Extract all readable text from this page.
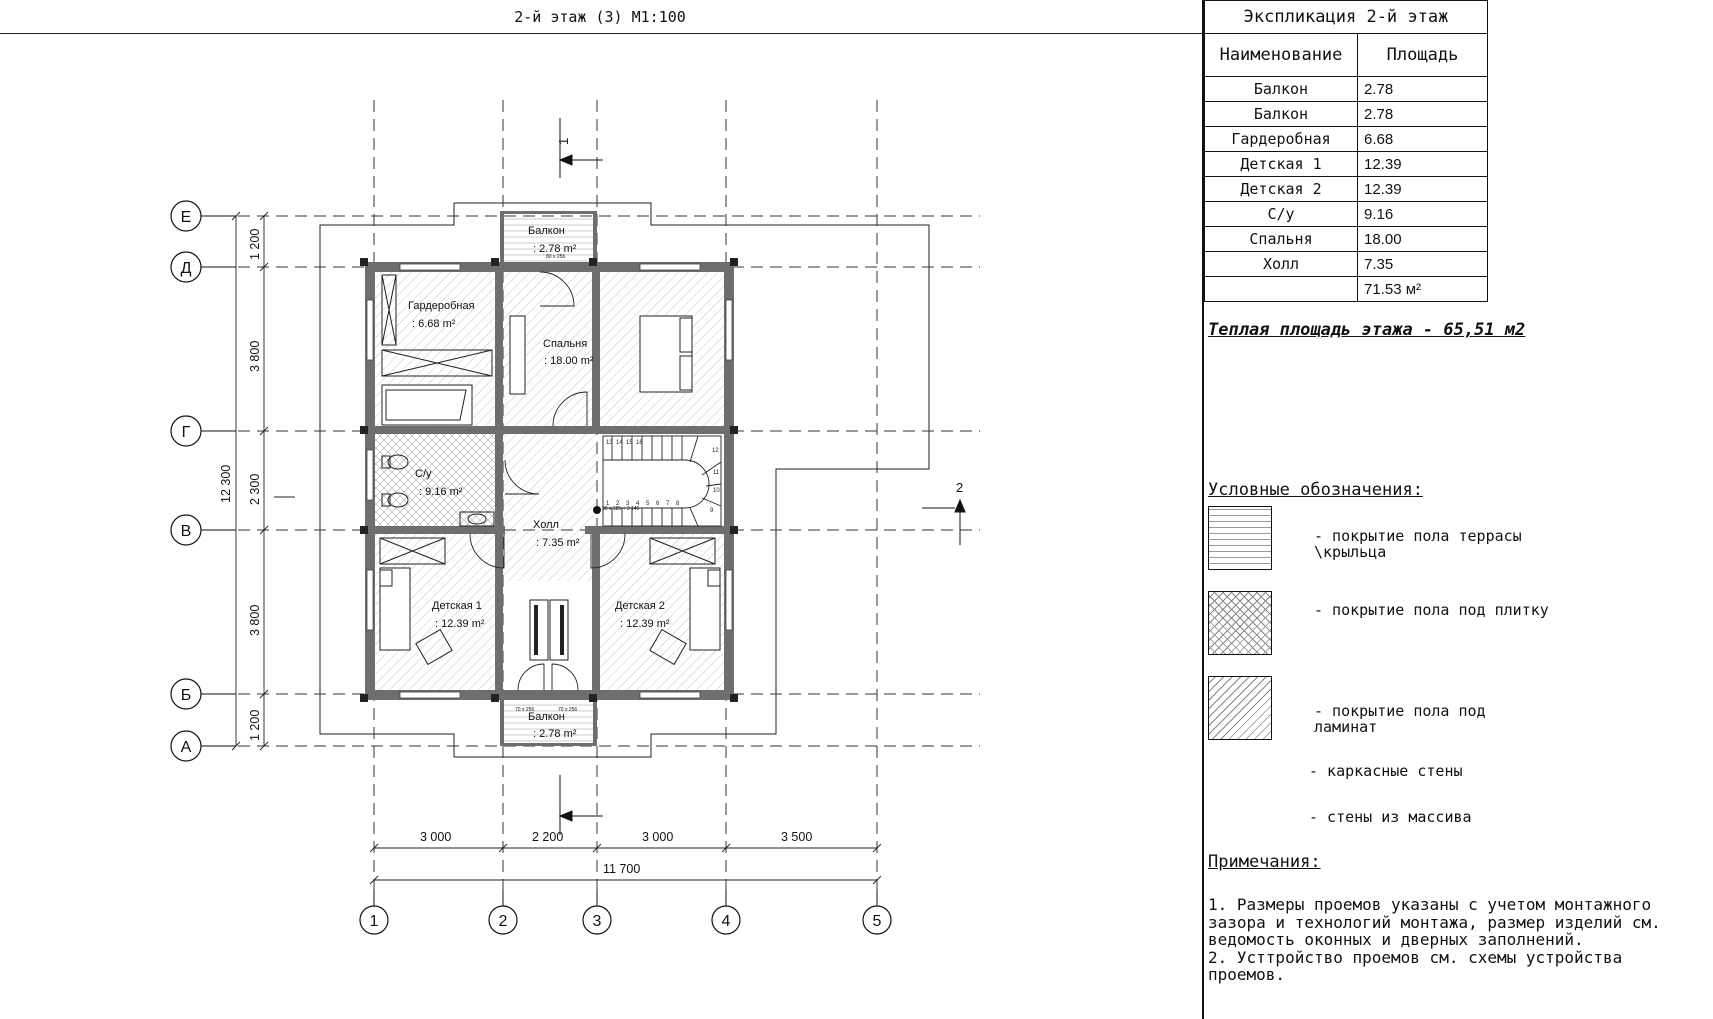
2-й этаж (3) М1:100
1 2 3 4 5 6 7 8
9
10
11
12
13 14 15 16
Балкон
: 2.78 m²
80 x 256
Гардеробная
: 6.68 m²
Спальня
: 18.00 m²
С/у
: 9.16 m²
Холл
: 7.35 m²
90 x 185 + 3 145
Детская 1
: 12.39 m²
Детская 2
: 12.39 m²
Балкон
: 2.78 m²
70 x 256	70 x 256
1
2
3 000	2 200	3 000	3 500
11 700
1 200
3 800
2 300
3 800
1 200
12 300
1	2	3	4	5
Е
Д
Г
В
Б
А
Экспликация 2-й этаж	
Наименование	Площадь
Балкон	2.78
Балкон	2.78
Гардеробная	6.68
Детская 1	12.39
Детская 2	12.39
С/у	9.16
Спальня	18.00
Холл	7.35
	71.53 м²
Теплая площадь этажа - 65,51 м2
Условные обозначения:
- покрытие пола террасы
\крыльца
- покрытие пола под плитку
- покрытие пола под
ламинат
- каркасные стены
- стены из массива
Примечания:
1. Размеры проемов указаны с учетом монтажного зазора и технологий монтажа, размер изделий см. ведомость оконных и дверных заполнений.
2. Усттройство проемов см. схемы устройства проемов.
